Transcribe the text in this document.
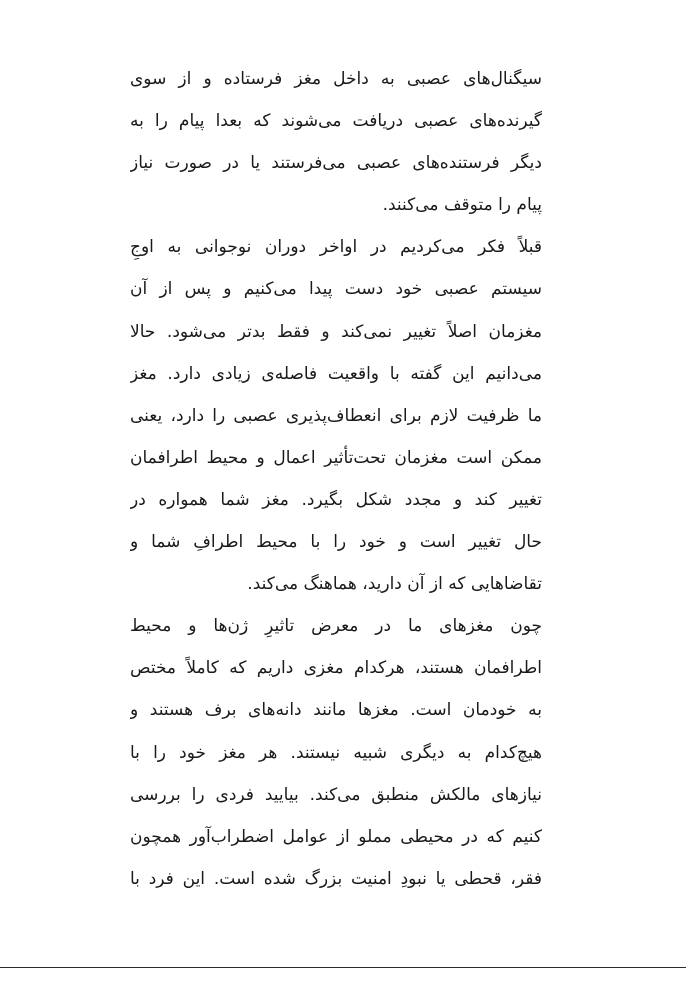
سیگنال‌های عصبی به داخل مغز فرستاده و از سوی
گیرنده‌های عصبی دریافت می‌شوند که بعدا پیام را به
دیگر فرستنده‌های عصبی می‌فرستند یا در صورت نیاز
پیام را متوقف می‌کنند.
قبلاً فکر می‌کردیم در اواخر دوران نوجوانی به اوجِ
سیستم عصبی خود دست پیدا می‌کنیم و پس از آن
مغزمان اصلاً تغییر نمی‌کند و فقط بدتر می‌شود. حالا
می‌دانیم این گفته با واقعیت فاصله‌ی زیادی دارد. مغز
ما ظرفیت لازم برای انعطاف‌پذیری عصبی را دارد، یعنی
ممکن است مغزمان تحت‌تأثیر اعمال و محیط اطرافمان
تغییر کند و مجدد شکل بگیرد. مغز شما همواره در
حال تغییر است و خود را با محیط اطرافِ شما و
تقاضاهایی که از آن دارید، هماهنگ می‌کند.
چون مغزهای ما در معرض تاثیرِ ژن‌ها و محیط
اطرافمان هستند، هرکدام مغزی داریم که کاملاً مختص
به خودمان است. مغزها مانند دانه‌های برف هستند و
هیچ‌کدام به دیگری شبیه نیستند. هر مغز خود را با
نیازهای مالکش منطبق می‌کند. بیایید فردی را بررسی
کنیم که در محیطی مملو از عوامل اضطراب‌آور همچون
فقر، قحطی یا نبودِ امنیت بزرگ شده است. این فرد با
